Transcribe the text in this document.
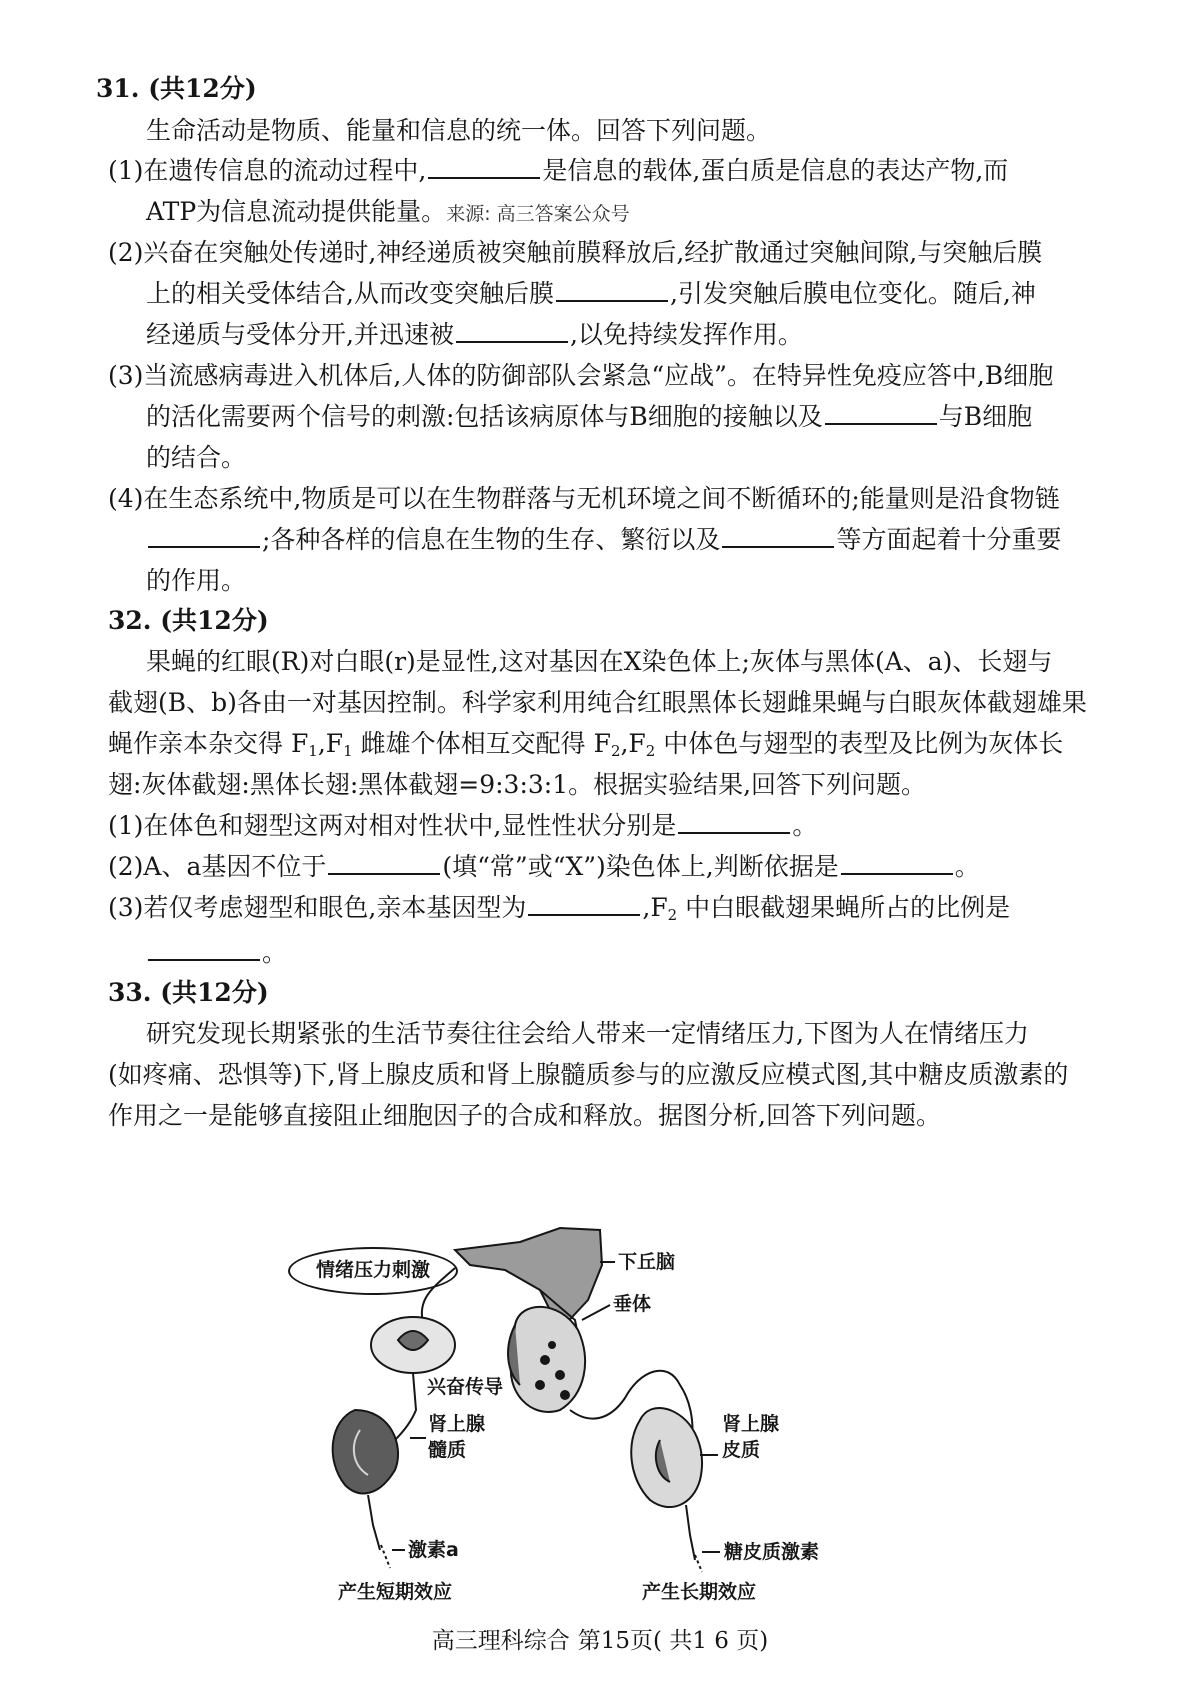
31. (共12分)
生命活动是物质、能量和信息的统一体。回答下列问题。
(1)在遗传信息的流动过程中,	是信息的载体,蛋白质是信息的表达产物,而
ATP为信息流动提供能量。来源: 高三答案公众号
(2)兴奋在突触处传递时,神经递质被突触前膜释放后,经扩散通过突触间隙,与突触后膜
上的相关受体结合,从而改变突触后膜	,引发突触后膜电位变化。随后,神
经递质与受体分开,并迅速被	,以免持续发挥作用。
(3)当流感病毒进入机体后,人体的防御部队会紧急“应战”。在特异性免疫应答中,B细胞
的活化需要两个信号的刺激:包括该病原体与B细胞的接触以及	与B细胞
的结合。
(4)在生态系统中,物质是可以在生物群落与无机环境之间不断循环的;能量则是沿食物链
;各种各样的信息在生物的生存、繁衍以及	等方面起着十分重要
的作用。
32. (共12分)
果蝇的红眼(R)对白眼(r)是显性,这对基因在X染色体上;灰体与黑体(A、a)、长翅与
截翅(B、b)各由一对基因控制。科学家利用纯合红眼黑体长翅雌果蝇与白眼灰体截翅雄果
蝇作亲本杂交得 $F_1,F_1$ 雌雄个体相互交配得 $F_2,F_2$ 中体色与翅型的表型及比例为灰体长
翅:灰体截翅:黑体长翅:黑体截翅=9:3:3:1。根据实验结果,回答下列问题。
(1)在体色和翅型这两对相对性状中,显性性状分别是	。
(2)A、a基因不位于	(填“常”或“X”)染色体上,判断依据是	。
(3)若仅考虑翅型和眼色,亲本基因型为	$,F_2$ 中白眼截翅果蝇所占的比例是
。
33. (共12分)
研究发现长期紧张的生活节奏往往会给人带来一定情绪压力,下图为人在情绪压力
(如疼痛、恐惧等)下,肾上腺皮质和肾上腺髓质参与的应激反应模式图,其中糖皮质激素的
作用之一是能够直接阻止细胞因子的合成和释放。据图分析,回答下列问题。
情绪压力刺激	下丘脑
垂体
兴奋传导
肾上腺
髓质
肾上腺
皮质
激素a	糖皮质激素
产生短期效应	产生长期效应
高三理科综合 第15页( 共1 6 页)
